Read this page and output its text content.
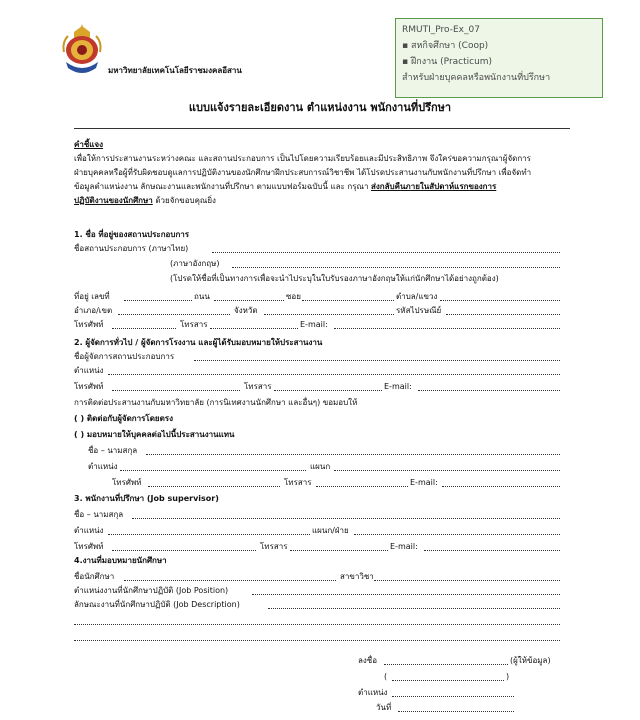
มหาวิทยาลัยเทคโนโลยีราชมงคลอีสาน
RMUTI_Pro-Ex_07
▪ สหกิจศึกษา (Coop)
▪ ฝึกงาน (Practicum)
สำหรับฝ่ายบุคคลหรือพนักงานที่ปรึกษา
แบบแจ้งรายละเอียดงาน ตำแหน่งงาน พนักงานที่ปรึกษา
คำชี้แจง
เพื่อให้การประสานงานระหว่างคณะ และสถานประกอบการ เป็นไปโดยความเรียบร้อยและมีประสิทธิภาพ จึงใคร่ขอความกรุณาผู้จัดการ
ฝ่ายบุคคลหรือผู้ที่รับผิดชอบดูแลการปฏิบัติงานของนักศึกษาฝึกประสบการณ์วิชาชีพ ได้โปรดประสานงานกับพนักงานที่ปรึกษา เพื่อจัดทำ
ข้อมูลตำแหน่งงาน ลักษณะงานและพนักงานที่ปรึกษา ตามแบบฟอร์มฉบับนี้ และ กรุณา ส่งกลับคืนภายในสัปดาห์แรกของการ
ปฏิบัติงานของนักศึกษา ด้วยจักขอบคุณยิ่ง
1. ชื่อ ที่อยู่ของสถานประกอบการ
ชื่อสถานประกอบการ (ภาษาไทย)
(ภาษาอังกฤษ)
(โปรดให้ชื่อที่เป็นทางการเพื่อจะนำไประบุในใบรับรองภาษาอังกฤษให้แก่นักศึกษาได้อย่างถูกต้อง)
ที่อยู่ เลขที่	ถนน	ซอย	ตำบล/แขวง
อำเภอ/เขต	จังหวัด	รหัสไปรษณีย์
โทรศัพท์	โทรสาร	E-mail:
2. ผู้จัดการทั่วไป / ผู้จัดการโรงงาน และผู้ได้รับมอบหมายให้ประสานงาน
ชื่อผู้จัดการสถานประกอบการ
ตำแหน่ง
โทรศัพท์	โทรสาร	E-mail:
การติดต่อประสานงานกับมหาวิทยาลัย (การนิเทศงานนักศึกษา และอื่นๆ) ขอมอบให้
( ) ติดต่อกับผู้จัดการโดยตรง
( ) มอบหมายให้บุคคลต่อไปนี้ประสานงานแทน
ชื่อ – นามสกุล
ตำแหน่ง	แผนก
โทรศัพท์	โทรสาร	E-mail:
3. พนักงานที่ปรึกษา (Job supervisor)
ชื่อ – นามสกุล
ตำแหน่ง	แผนก/ฝ่าย
โทรศัพท์	โทรสาร	E-mail:
4.งานที่มอบหมายนักศึกษา
ชื่อนักศึกษา	สาขาวิชา
ตำแหน่งงานที่นักศึกษาปฏิบัติ (Job Position)
ลักษณะงานที่นักศึกษาปฏิบัติ (Job Description)
ลงชื่อ	(ผู้ให้ข้อมูล)
(	)
ตำแหน่ง
วันที่
